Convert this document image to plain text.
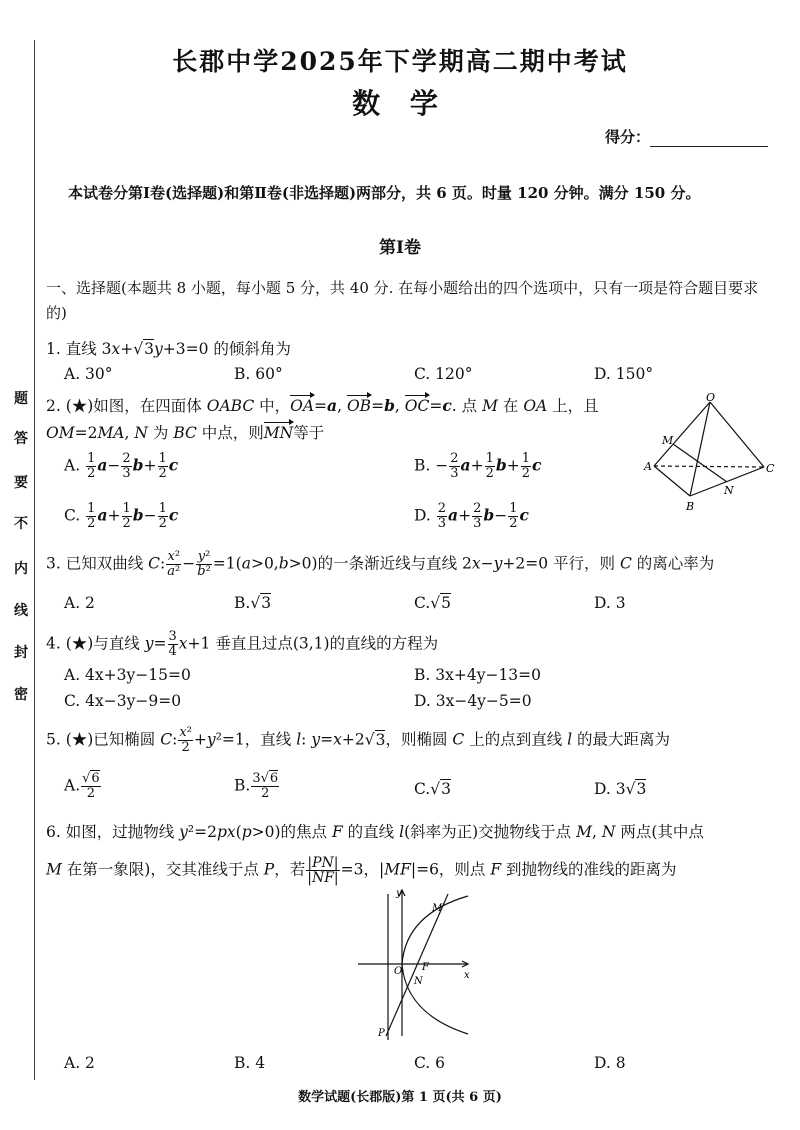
题
答
要
不
内
线
封
密
长郡中学2025年下学期高二期中考试
数 学
得分：
本试卷分第Ⅰ卷(选择题)和第Ⅱ卷(非选择题)两部分，共 6 页。时量 120 分钟。满分 150 分。
第Ⅰ卷
一、选择题(本题共 8 小题，每小题 5 分，共 40 分. 在每小题给出的四个选项中，只有一项是符合题目要求的)
1. 直线 3x+√3y+3=0 的倾斜角为
A. 30°	B. 60°	C. 120°	D. 150°
2. (★)如图，在四面体 OABC 中，OA=a, OB=b, OC=c. 点 M 在 OA 上，且
OM=2MA, N 为 BC 中点，则MN等于
A. $\frac{1}{2} a- \frac{2}{3} b+ \frac{1}{2}$ c	B. − $\frac{2}{3} a+ \frac{1}{2} b+ \frac{1}{2}$ c
C. $\frac{1}{2} a+ \frac{1}{2} b- \frac{1}{2}$ c	D. $\frac{2}{3} a+ \frac{2}{3} b- \frac{1}{2}$ c
O
A
B
C
M
N
3. 已知双曲线 C: $\frac{\text{x²}}{\text{a²}} - \frac{\text{y²}}{\text{b²}} =1(a>0,b>0)$的一条渐近线与直线 2x−y+2=0 平行，则 C 的离心率为
A. 2	B.√3	C.√5	D. 3
4. (★)与直线 $y= \frac{3}{4} x+1$ 垂直且过点(3,1)的直线的方程为
A. 4x+3y−15=0	B. 3x+4y−13=0
C. 4x−3y−9=0	D. 3x−4y−5=0
5. (★)已知椭圆 C: $\frac{\text{x²}}{2} +y^2=1$，直线 l: y=x+2√3，则椭圆 C 上的点到直线 l 的最大距离为
A. $\frac{√6}{2}$	B. $\frac{3√6}{2}$	C.√3	D. 3√3
6. 如图，过抛物线 y²=2px(p>0)的焦点 F 的直线 l(斜率为正)交抛物线于点 M, N 两点(其中点
M 在第一象限)，交其准线于点 P，若 $\frac{|PN|}{|NF|} =3$，|MF|=6，则点 F 到抛物线的准线的距离为
y
x
O F
M
N
P
A. 2	B. 4	C. 6	D. 8
数学试题(长郡版)第 1 页(共 6 页)
